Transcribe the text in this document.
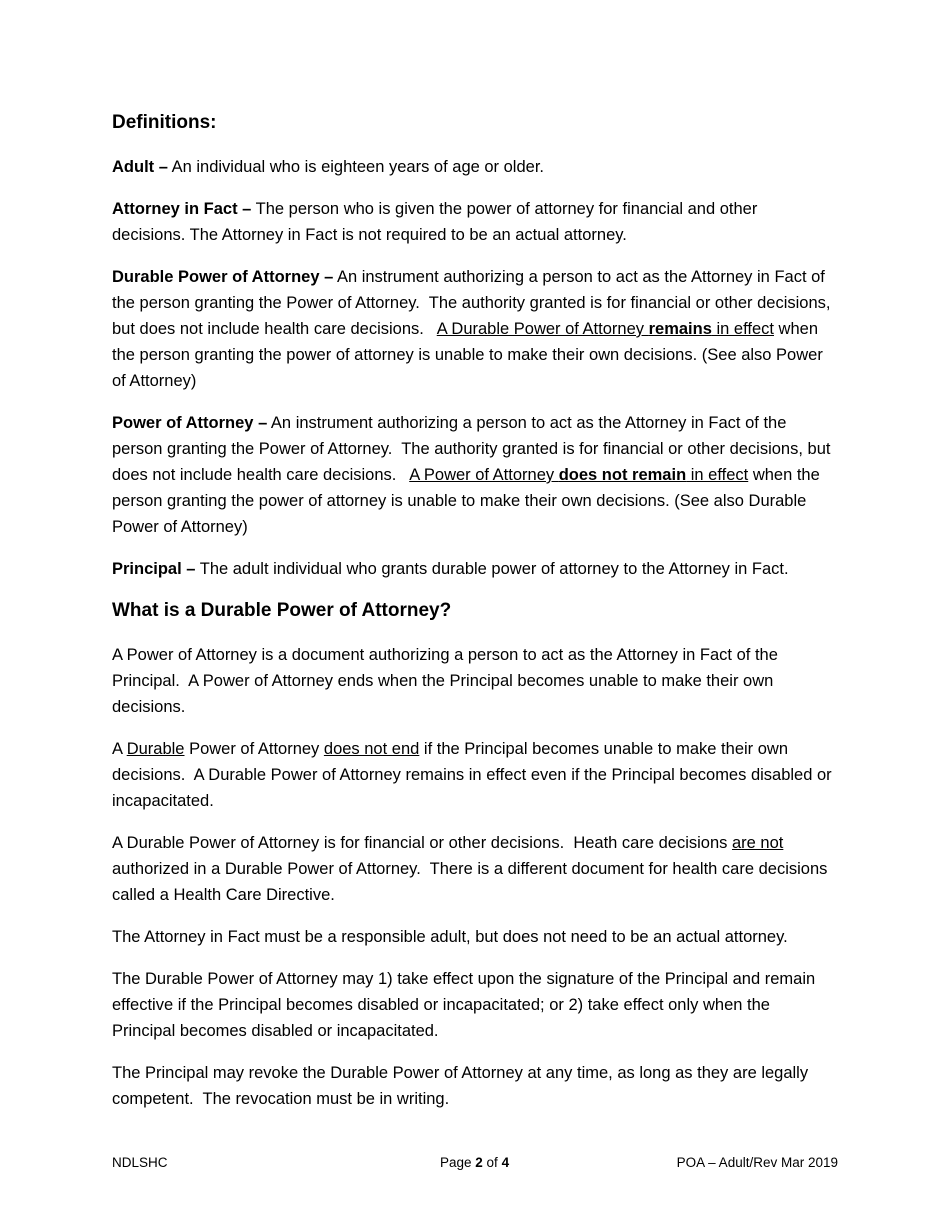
Definitions:

Adult – An individual who is eighteen years of age or older.

Attorney in Fact – The person who is given the power of attorney for financial and other decisions. The Attorney in Fact is not required to be an actual attorney.

Durable Power of Attorney – An instrument authorizing a person to act as the Attorney in Fact of the person granting the Power of Attorney.  The authority granted is for financial or other decisions, but does not include health care decisions.   A Durable Power of Attorney remains in effect when the person granting the power of attorney is unable to make their own decisions. (See also Power of Attorney)

Power of Attorney – An instrument authorizing a person to act as the Attorney in Fact of the person granting the Power of Attorney.  The authority granted is for financial or other decisions, but does not include health care decisions.   A Power of Attorney does not remain in effect when the person granting the power of attorney is unable to make their own decisions. (See also Durable Power of Attorney)

Principal – The adult individual who grants durable power of attorney to the Attorney in Fact.

What is a Durable Power of Attorney?

A Power of Attorney is a document authorizing a person to act as the Attorney in Fact of the Principal.  A Power of Attorney ends when the Principal becomes unable to make their own decisions.

A Durable Power of Attorney does not end if the Principal becomes unable to make their own decisions.  A Durable Power of Attorney remains in effect even if the Principal becomes disabled or incapacitated.

A Durable Power of Attorney is for financial or other decisions.  Heath care decisions are not authorized in a Durable Power of Attorney.  There is a different document for health care decisions called a Health Care Directive.

The Attorney in Fact must be a responsible adult, but does not need to be an actual attorney.

The Durable Power of Attorney may 1) take effect upon the signature of the Principal and remain effective if the Principal becomes disabled or incapacitated; or 2) take effect only when the Principal becomes disabled or incapacitated.

The Principal may revoke the Durable Power of Attorney at any time, as long as they are legally competent.  The revocation must be in writing.

NDLSHC	Page 2 of 4	POA – Adult/Rev Mar 2019
